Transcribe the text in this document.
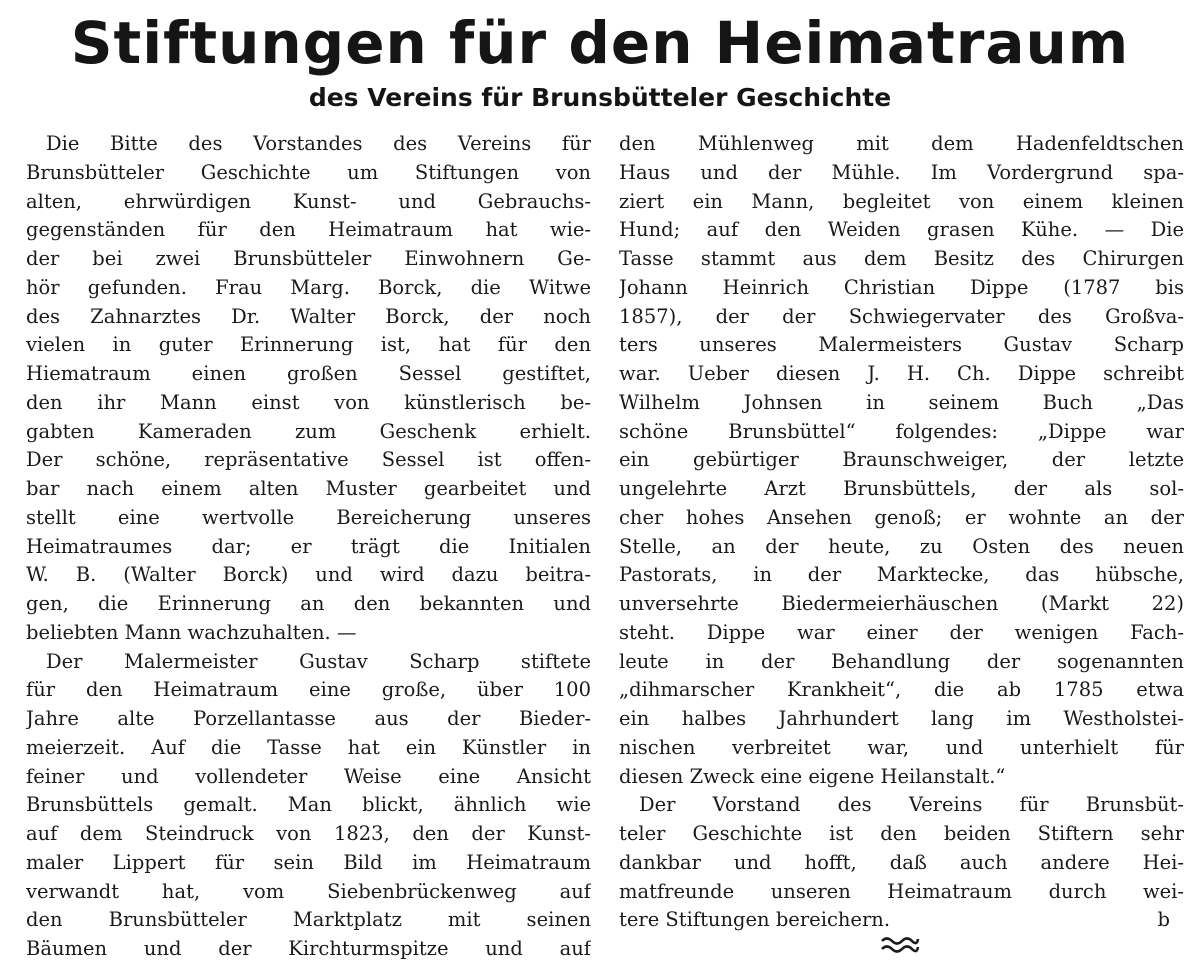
Stiftungen für den Heimatraum
des Vereins für Brunsbütteler Geschichte
Die Bitte des Vorstandes des Vereins für
Brunsbütteler Geschichte um Stiftungen von
alten, ehrwürdigen Kunst- und Gebrauchs-
gegenständen für den Heimatraum hat wie-
der bei zwei Brunsbütteler Einwohnern Ge-
hör gefunden. Frau Marg. Borck, die Witwe
des Zahnarztes Dr. Walter Borck, der noch
vielen in guter Erinnerung ist, hat für den
Hiematraum einen großen Sessel gestiftet,
den ihr Mann einst von künstlerisch be-
gabten Kameraden zum Geschenk erhielt.
Der schöne, repräsentative Sessel ist offen-
bar nach einem alten Muster gearbeitet und
stellt eine wertvolle Bereicherung unseres
Heimatraumes dar; er trägt die Initialen
W. B. (Walter Borck) und wird dazu beitra-
gen, die Erinnerung an den bekannten und
beliebten Mann wachzuhalten. —
Der Malermeister Gustav Scharp stiftete
für den Heimatraum eine große, über 100
Jahre alte Porzellantasse aus der Bieder-
meierzeit. Auf die Tasse hat ein Künstler in
feiner und vollendeter Weise eine Ansicht
Brunsbüttels gemalt. Man blickt, ähnlich wie
auf dem Steindruck von 1823, den der Kunst-
maler Lippert für sein Bild im Heimatraum
verwandt hat, vom Siebenbrückenweg auf
den Brunsbütteler Marktplatz mit seinen
Bäumen und der Kirchturmspitze und auf
den Mühlenweg mit dem Hadenfeldtschen
Haus und der Mühle. Im Vordergrund spa-
ziert ein Mann, begleitet von einem kleinen
Hund; auf den Weiden grasen Kühe. — Die
Tasse stammt aus dem Besitz des Chirurgen
Johann Heinrich Christian Dippe (1787 bis
1857), der der Schwiegervater des Großva-
ters unseres Malermeisters Gustav Scharp
war. Ueber diesen J. H. Ch. Dippe schreibt
Wilhelm Johnsen in seinem Buch „Das
schöne Brunsbüttel“ folgendes: „Dippe war
ein gebürtiger Braunschweiger, der letzte
ungelehrte Arzt Brunsbüttels, der als sol-
cher hohes Ansehen genoß; er wohnte an der
Stelle, an der heute, zu Osten des neuen
Pastorats, in der Marktecke, das hübsche,
unversehrte Biedermeierhäuschen (Markt 22)
steht. Dippe war einer der wenigen Fach-
leute in der Behandlung der sogenannten
„dihmarscher Krankheit“, die ab 1785 etwa
ein halbes Jahrhundert lang im Westholstei-
nischen verbreitet war, und unterhielt für
diesen Zweck eine eigene Heilanstalt.“
Der Vorstand des Vereins für Brunsbüt-
teler Geschichte ist den beiden Stiftern sehr
dankbar und hofft, daß auch andere Hei-
matfreunde unseren Heimatraum durch wei-
tere Stiftungen bereichern.	b
